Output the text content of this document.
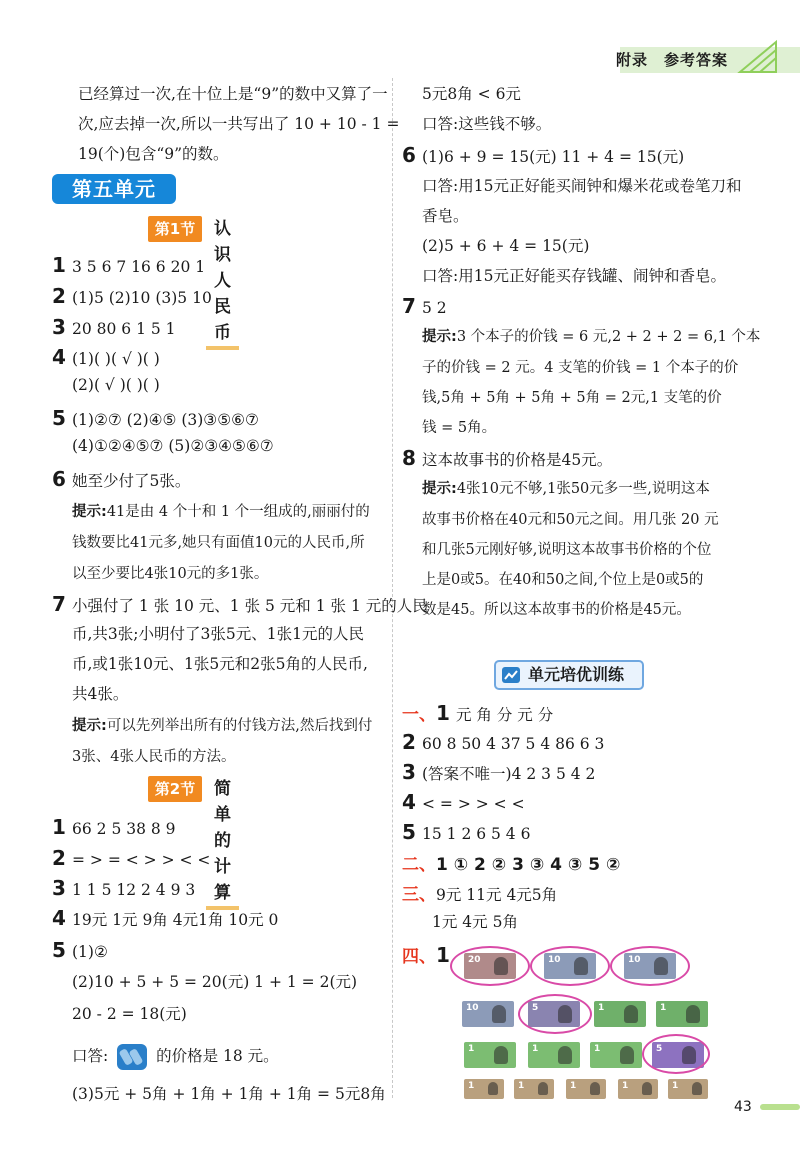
附录 参考答案
已经算过一次,在十位上是“9”的数中又算了一
次,应去掉一次,所以一共写出了 10 + 10 - 1 =
19(个)包含“9”的数。
第五单元
第1节	认识人民币
1 3 5 6 7 16 6 20 1
2 (1)5 (2)10 (3)5 10
3 20 80 6 1 5 1
4 (1)( )( √ )( )
(2)( √ )( )( )
5 (1)②⑦ (2)④⑤ (3)③⑤⑥⑦
(4)①②④⑤⑦ (5)②③④⑤⑥⑦
6 她至少付了5张。
提示:41是由 4 个十和 1 个一组成的,丽丽付的
钱数要比41元多,她只有面值10元的人民币,所
以至少要比4张10元的多1张。
7 小强付了 1 张 10 元、1 张 5 元和 1 张 1 元的人民
币,共3张;小明付了3张5元、1张1元的人民
币,或1张10元、1张5元和2张5角的人民币,
共4张。
提示:可以先列举出所有的付钱方法,然后找到付
3张、4张人民币的方法。
第2节	简单的计算
1 66 2 5 38 8 9
2 = > = < > > < <
3 1 1 5 12 2 4 9 3
4 19元 1元 9角 4元1角 10元 0
5 (1)②
(2)10 + 5 + 5 = 20(元) 1 + 1 = 2(元)
20 - 2 = 18(元)
口答:	的价格是 18 元。
(3)5元 + 5角 + 1角 + 1角 + 1角 = 5元8角
5元8角 < 6元
口答:这些钱不够。
6 (1)6 + 9 = 15(元) 11 + 4 = 15(元)
口答:用15元正好能买闹钟和爆米花或卷笔刀和
香皂。
(2)5 + 6 + 4 = 15(元)
口答:用15元正好能买存钱罐、闹钟和香皂。
7 5 2
提示:3 个本子的价钱 = 6 元,2 + 2 + 2 = 6,1 个本
子的价钱 = 2 元。4 支笔的价钱 = 1 个本子的价
钱,5角 + 5角 + 5角 + 5角 = 2元,1 支笔的价
钱 = 5角。
8 这本故事书的价格是45元。
提示:4张10元不够,1张50元多一些,说明这本
故事书价格在40元和50元之间。用几张 20 元
和几张5元刚好够,说明这本故事书价格的个位
上是0或5。在40和50之间,个位上是0或5的
数是45。所以这本故事书的价格是45元。
单元培优训练
一、1 元 角 分 元 分
2 60 8 50 4 37 5 4 86 6 3
3 (答案不唯一)4 2 3 5 4 2
4 < = > > < <
5 15 1 2 6 5 4 6
二、1 ① 2 ② 3 ③ 4 ③ 5 ②
三、9元 11元 4元5角
1元 4元 5角
四、1	20	10	10
10	5	1	1
1	1	1	5
1	1	1	1	1
43
